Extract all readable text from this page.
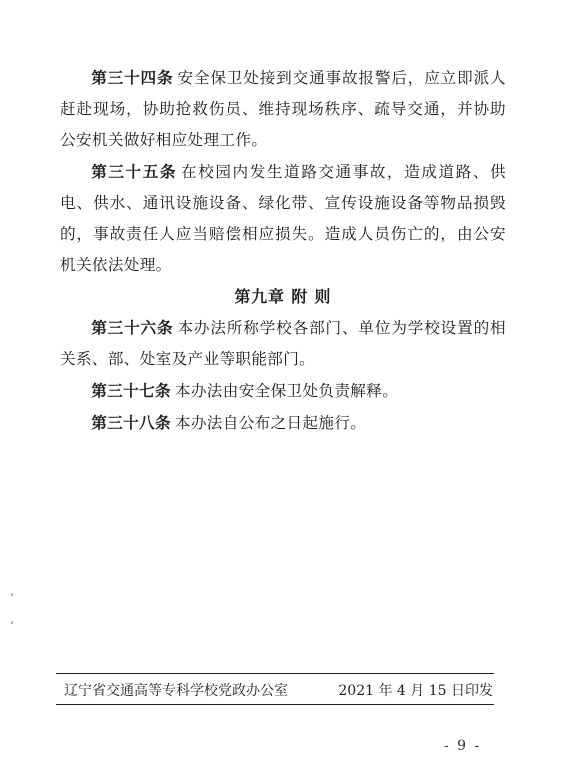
第三十四条 安全保卫处接到交通事故报警后，应立即派人赶赴现场，协助抢救伤员、维持现场秩序、疏导交通，并协助公安机关做好相应处理工作。

第三十五条 在校园内发生道路交通事故，造成道路、供电、供水、通讯设施设备、绿化带、宣传设施设备等物品损毁的，事故责任人应当赔偿相应损失。造成人员伤亡的，由公安机关依法处理。

第九章 附 则

第三十六条 本办法所称学校各部门、单位为学校设置的相关系、部、处室及产业等职能部门。

第三十七条 本办法由安全保卫处负责解释。

第三十八条 本办法自公布之日起施行。

ʼ
ʼ
辽宁省交通高等专科学校党政办公室	2021 年 4 月 15 日印发
- 9 -
